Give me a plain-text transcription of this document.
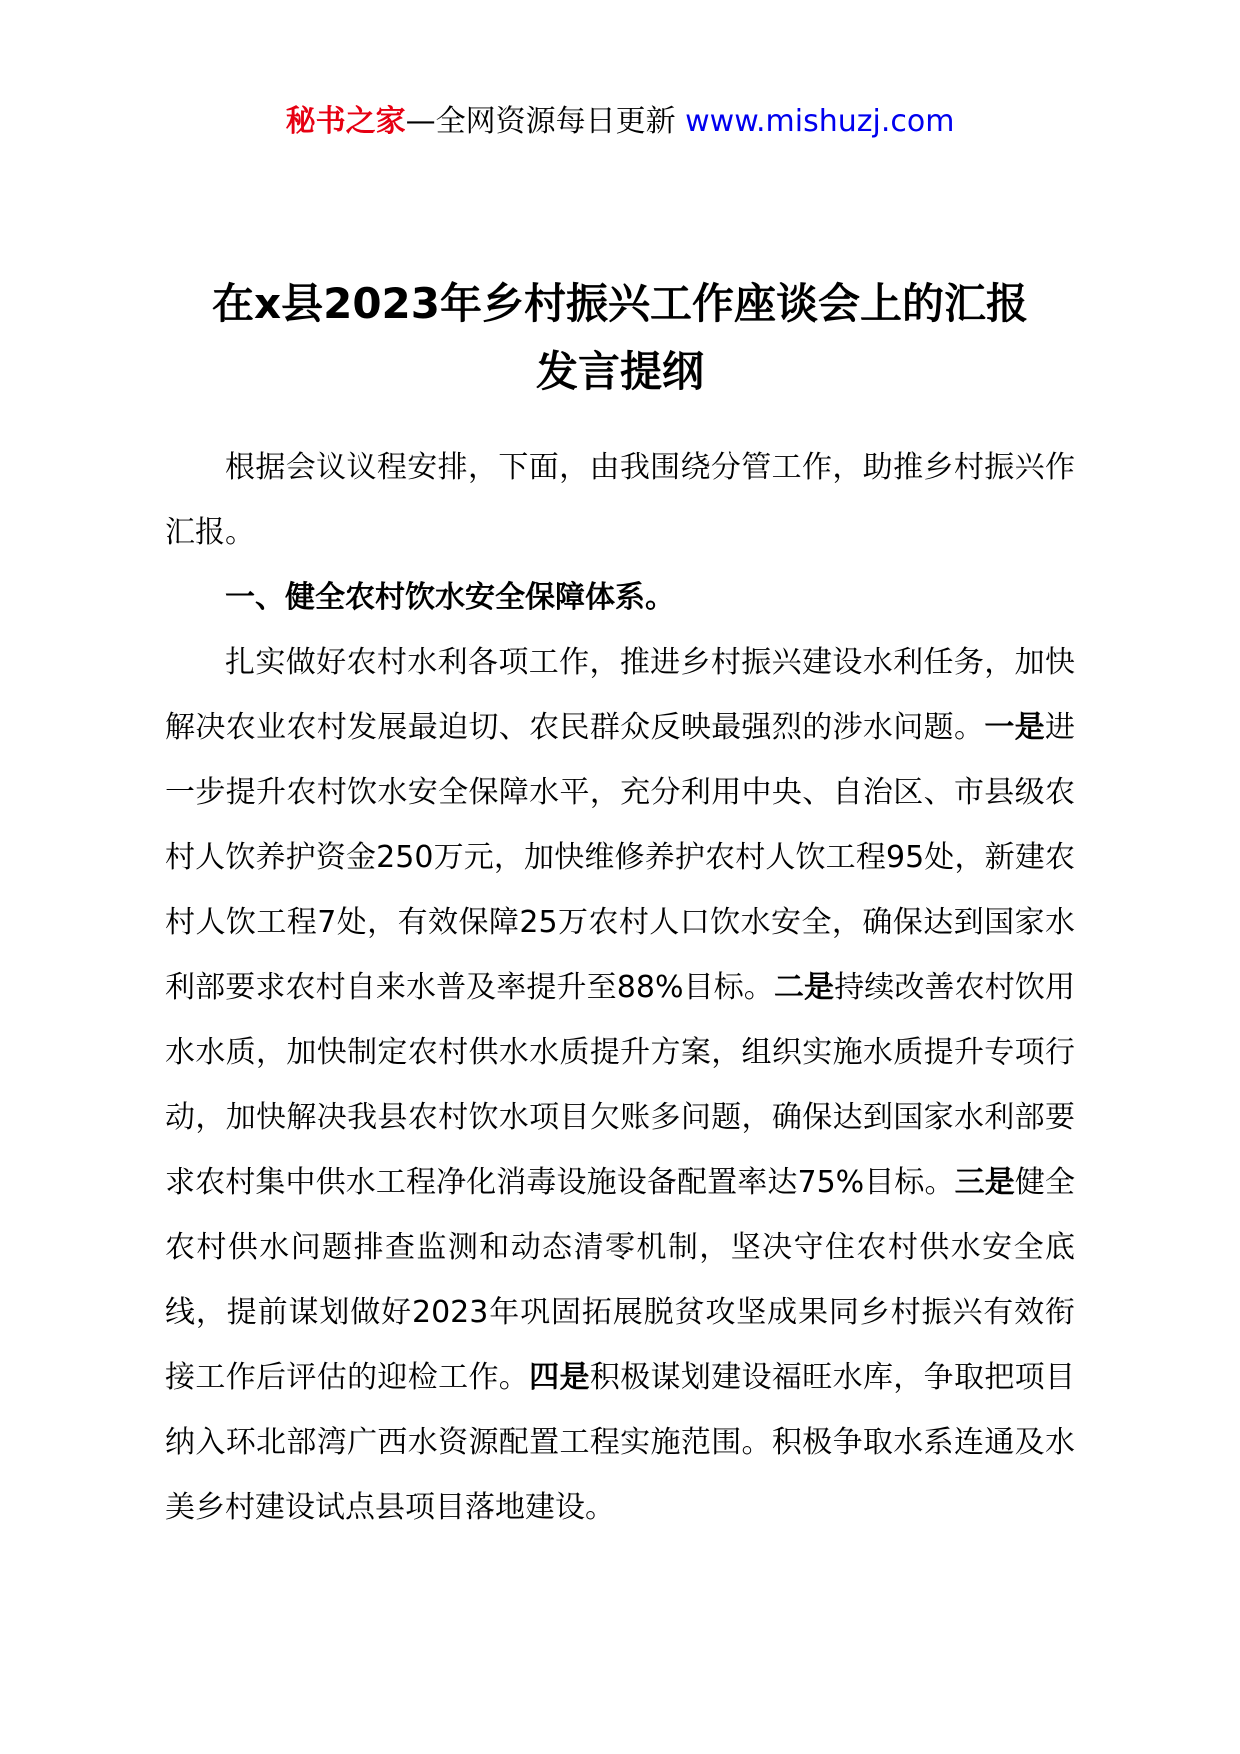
秘书之家—全网资源每日更新 www.mishuzj.com
在x县2023年乡村振兴工作座谈会上的汇报
发言提纲

根据会议议程安排，下面，由我围绕分管工作，助推乡村振兴作汇报。

一、健全农村饮水安全保障体系。

扎实做好农村水利各项工作，推进乡村振兴建设水利任务，加快解决农业农村发展最迫切、农民群众反映最强烈的涉水问题。一是进一步提升农村饮水安全保障水平，充分利用中央、自治区、市县级农村人饮养护资金250万元，加快维修养护农村人饮工程95处，新建农村人饮工程7处，有效保障25万农村人口饮水安全，确保达到国家水利部要求农村自来水普及率提升至88%目标。二是持续改善农村饮用水水质，加快制定农村供水水质提升方案，组织实施水质提升专项行动，加快解决我县农村饮水项目欠账多问题，确保达到国家水利部要求农村集中供水工程净化消毒设施设备配置率达75%目标。三是健全农村供水问题排查监测和动态清零机制，坚决守住农村供水安全底线，提前谋划做好2023年巩固拓展脱贫攻坚成果同乡村振兴有效衔接工作后评估的迎检工作。四是积极谋划建设福旺水库，争取把项目纳入环北部湾广西水资源配置工程实施范围。积极争取水系连通及水美乡村建设试点县项目落地建设。
